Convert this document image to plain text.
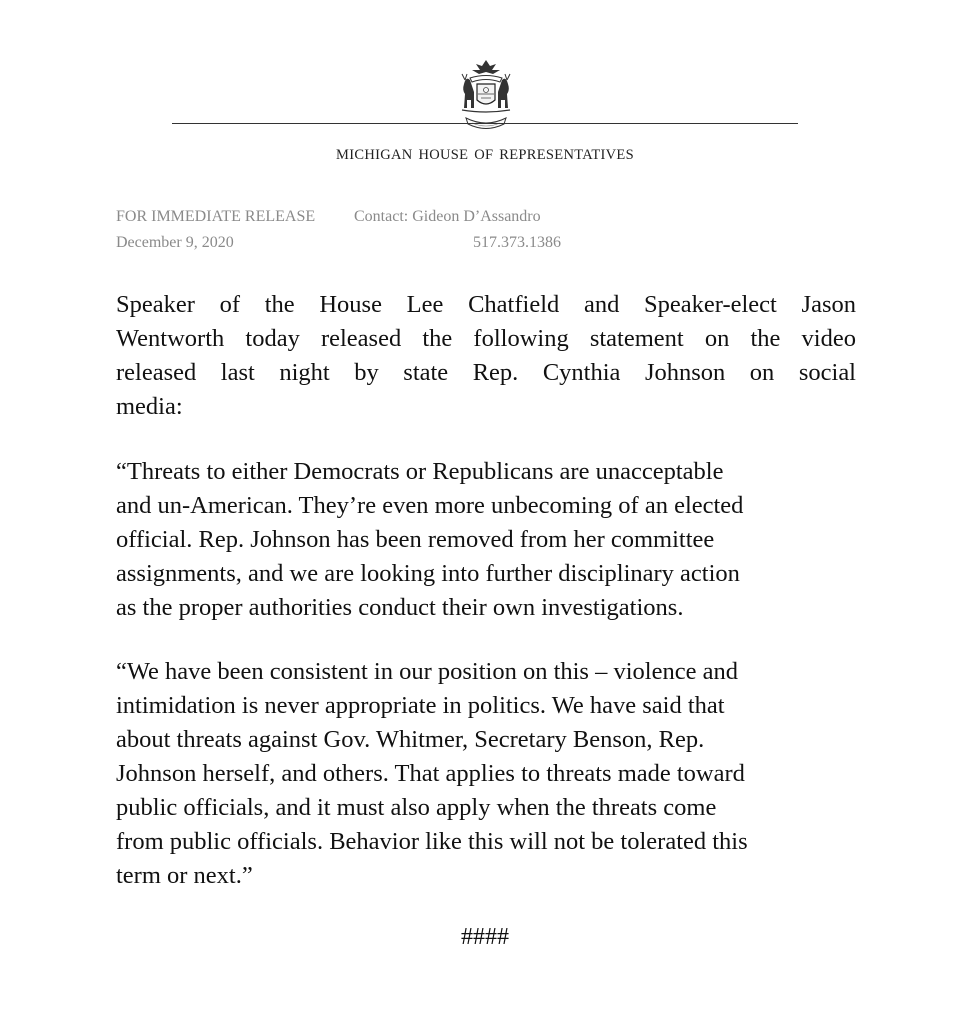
MICHIGAN HOUSE OF REPRESENTATIVES
FOR IMMEDIATE RELEASE Contact: Gideon D’Assandro
December 9, 2020	517.373.1386
Speaker of the House Lee Chatfield and Speaker-elect Jason
Wentworth today released the following statement on the video
released last night by state Rep. Cynthia Johnson on social
media:
“Threats to either Democrats or Republicans are unacceptable
and un-American. They’re even more unbecoming of an elected
official. Rep. Johnson has been removed from her committee
assignments, and we are looking into further disciplinary action
as the proper authorities conduct their own investigations.
“We have been consistent in our position on this – violence and
intimidation is never appropriate in politics. We have said that
about threats against Gov. Whitmer, Secretary Benson, Rep.
Johnson herself, and others. That applies to threats made toward
public officials, and it must also apply when the threats come
from public officials. Behavior like this will not be tolerated this
term or next.”
####
